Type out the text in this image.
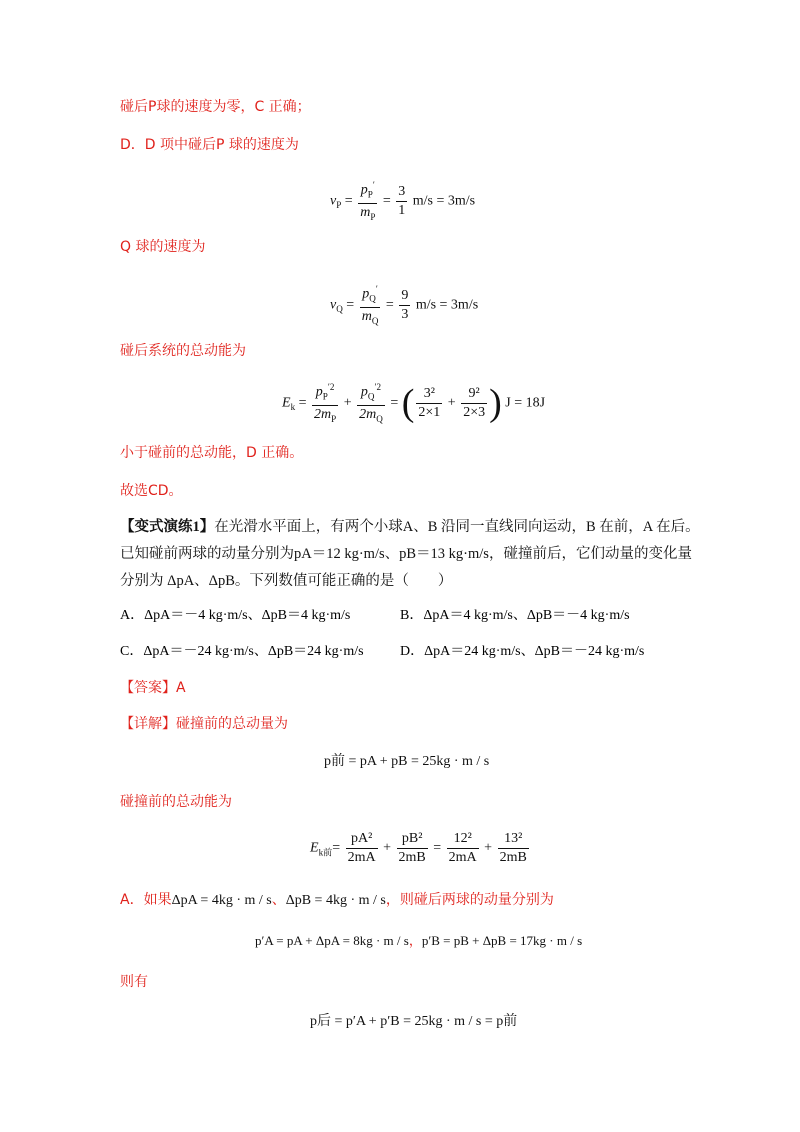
碰后P球的速度为零，C 正确；
D．D 项中碰后P 球的速度为
$v_P = \frac{p_P'}{m_P} = \frac{3}{1} m/s = 3m/s$
Q 球的速度为
$v_Q = \frac{p_Q'}{m_Q} = \frac{9}{3} m/s = 3m/s$
碰后系统的总动能为
$E_k = \frac{p_P^{'2}}{2m_P} + \frac{p_Q^{'2}}{2m_Q}$ = ( $\frac{\text{3²}}{2\times 1} + \frac{\text{9²}}{2\times 3}$ ) J = 18J
小于碰前的总动能，D 正确。
故选CD。
【变式演练1】在光滑水平面上，有两个小球A、B 沿同一直线同向运动，B 在前，A 在后。
已知碰前两球的动量分别为pA＝12 kg·m/s、pB＝13 kg·m/s，碰撞前后，它们动量的变化量
分别为 ΔpA、ΔpB。下列数值可能正确的是（　　）
A．ΔpA＝－4 kg·m/s、ΔpB＝4 kg·m/s	B．ΔpA＝4 kg·m/s、ΔpB＝－4 kg·m/s
C．ΔpA＝－24 kg·m/s、ΔpB＝24 kg·m/s	D．ΔpA＝24 kg·m/s、ΔpB＝－24 kg·m/s
【答案】A
【详解】碰撞前的总动量为
p前 = pA + pB = 25kg · m / s
碰撞前的总动能为
$E_{k前}= \frac{\text{pA²}}{2mA} + \frac{\text{pB²}}{2mB} = \frac{\text{12²}}{2mA} + \frac{\text{13²}}{2mB}$
A．如果ΔpA = 4kg · m / s、ΔpB = 4kg · m / s，则碰后两球的动量分别为
p′A = pA + ΔpA = 8kg · m / s，p′B = pB + ΔpB = 17kg · m / s
则有
p后 = p′A + p′B = 25kg · m / s = p前
